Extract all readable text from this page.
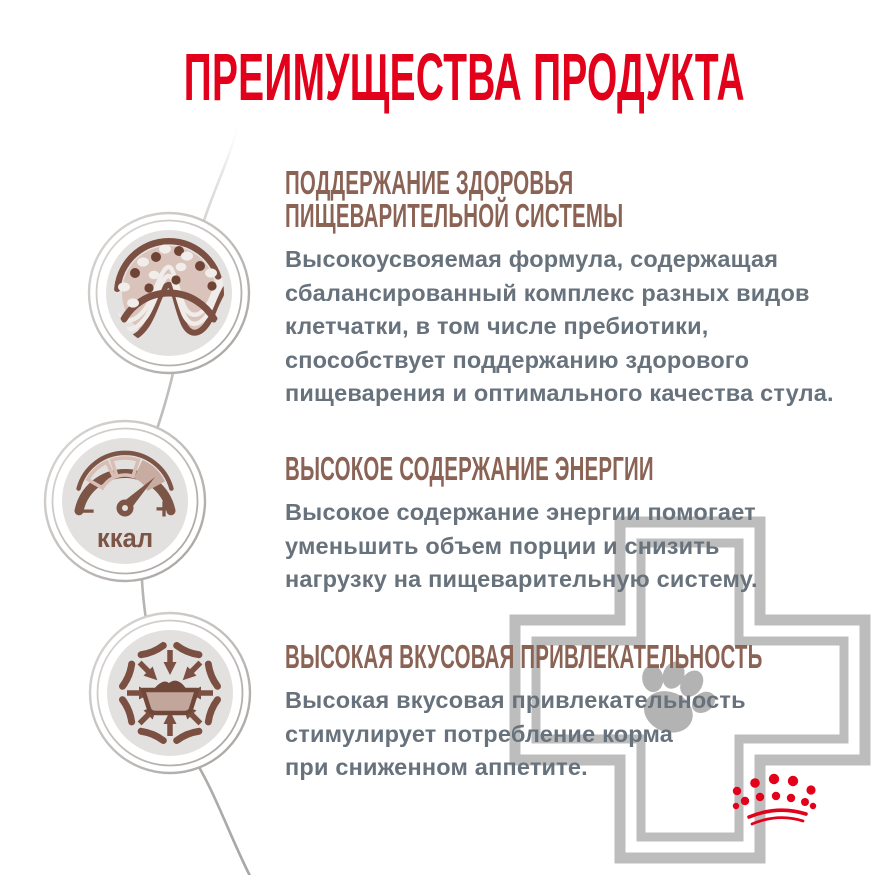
− +
ккал
ПРЕИМУЩЕСТВА ПРОДУКТА
ПОДДЕРЖАНИЕ ЗДОРОВЬЯ
ПИЩЕВАРИТЕЛЬНОЙ СИСТЕМЫ

Высокоусвояемая формула, содержащая
сбалансированный комплекс разных видов
клетчатки, в том числе пребиотики,
способствует поддержанию здорового
пищеварения и оптимального качества стула.

ВЫСОКОЕ СОДЕРЖАНИЕ ЭНЕРГИИ

Высокое содержание энергии помогает
уменьшить объем порции и снизить
нагрузку на пищеварительную систему.

ВЫСОКАЯ ВКУСОВАЯ ПРИВЛЕКАТЕЛЬНОСТЬ

Высокая вкусовая привлекательность
стимулирует потребление корма
при сниженном аппетите.
